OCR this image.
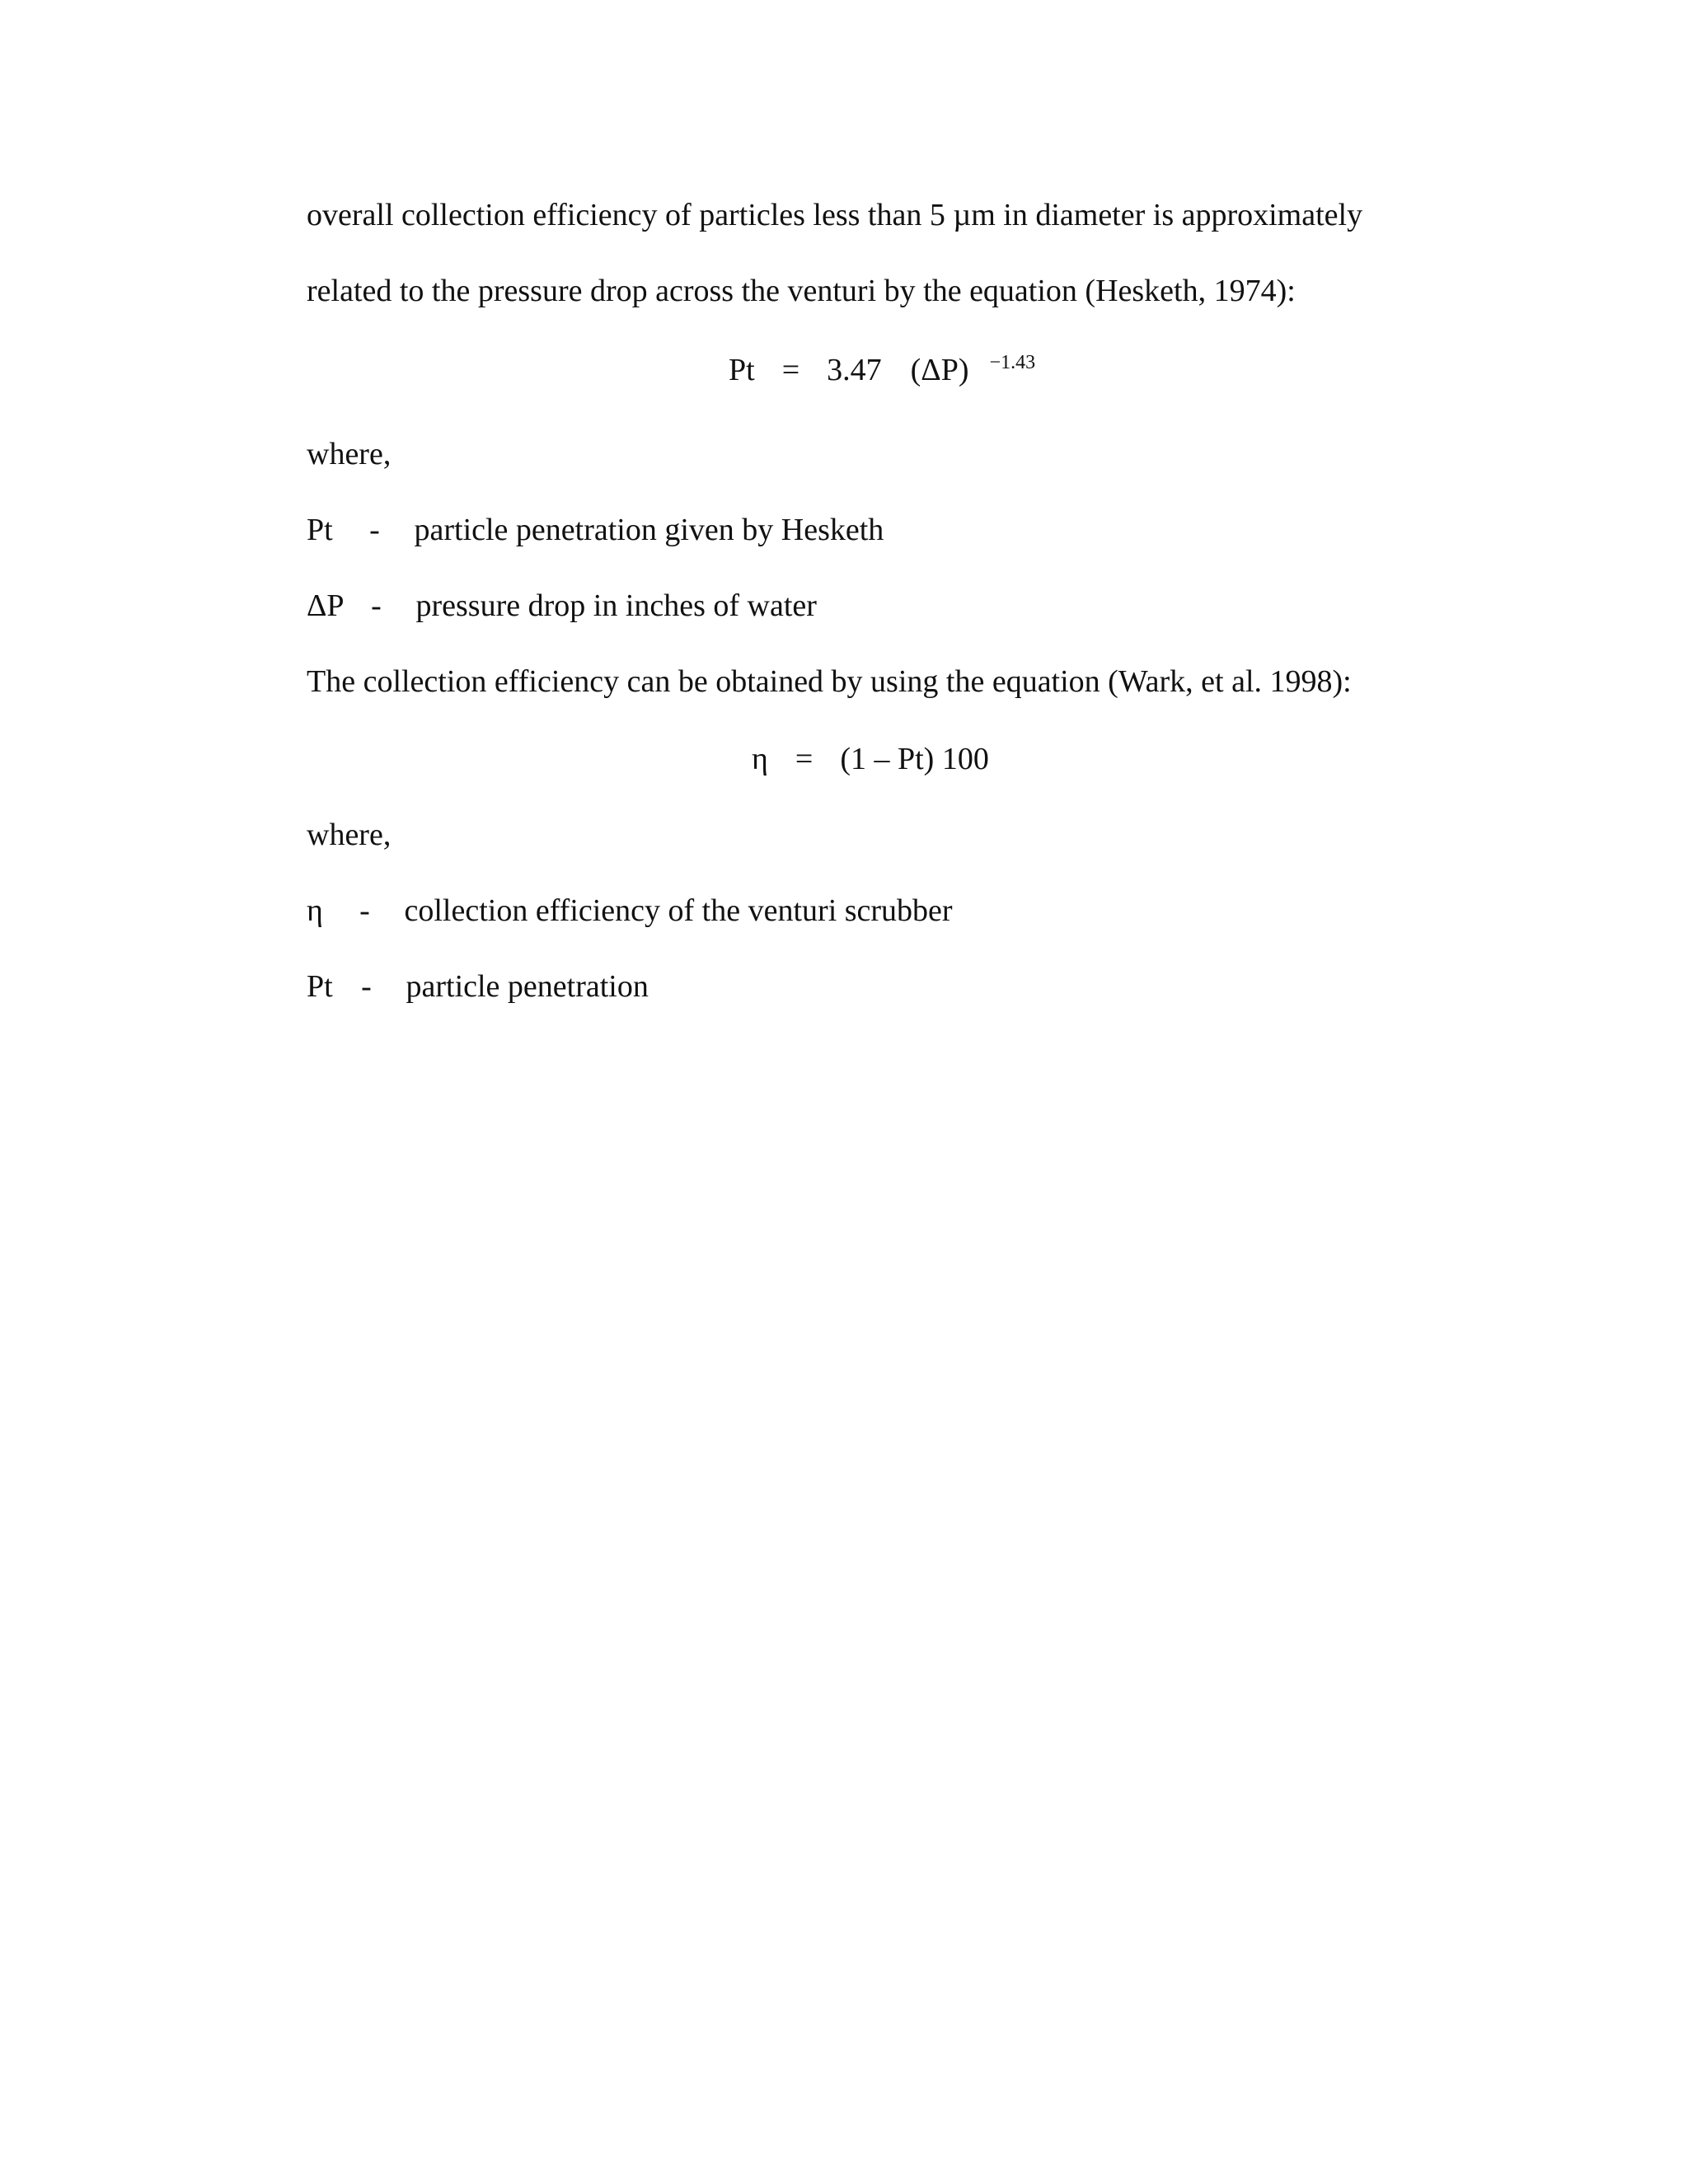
overall collection efficiency of particles less than 5 µm in diameter is approximately
related to the pressure drop across the venturi by the equation (Hesketh, 1974):
Pt = 3.47 (ΔP) $^{-1.43}$
where,
Pt - particle penetration given by Hesketh
ΔP - pressure drop in inches of water
The collection efficiency can be obtained by using the equation (Wark, et al. 1998):
η = (1 – Pt) 100
where,
η - collection efficiency of the venturi scrubber
Pt - particle penetration
